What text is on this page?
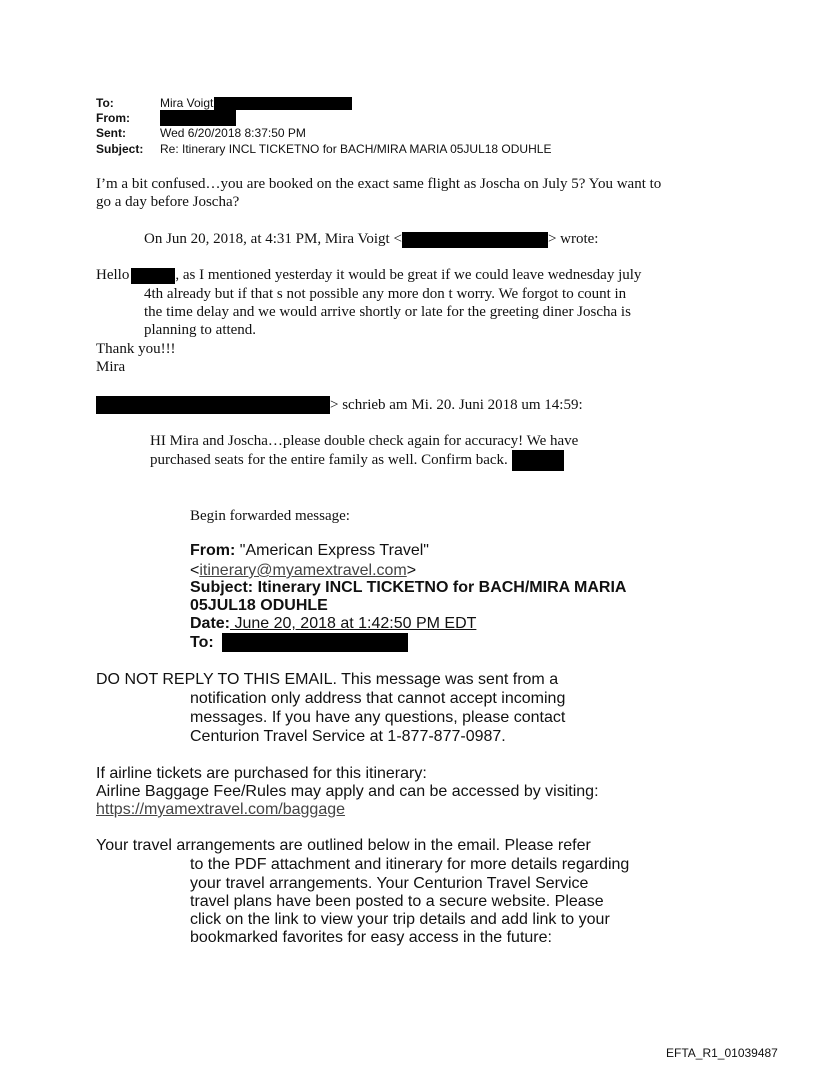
To:	Mira Voigt
From:
Sent:	Wed 6/20/2018 8:37:50 PM
Subject: Re: Itinerary INCL TICKETNO for BACH/MIRA MARIA 05JUL18 ODUHLE
I’m a bit confused…you are booked on the exact same flight as Joscha on July 5? You want to
go a day before Joscha?
On Jun 20, 2018, at 4:31 PM, Mira Voigt <	> wrote:
Hello	, as I mentioned yesterday it would be great if we could leave wednesday july
4th already but if that s not possible any more don t worry. We forgot to count in
the time delay and we would arrive shortly or late for the greeting diner Joscha is
planning to attend.
Thank you!!!
Mira
> schrieb am Mi. 20. Juni 2018 um 14:59:
HI Mira and Joscha…please double check again for accuracy! We have
purchased seats for the entire family as well. Confirm back.
Begin forwarded message:
From: "American Express Travel"
<itinerary@myamextravel.com>
Subject: Itinerary INCL TICKETNO for BACH/MIRA MARIA
05JUL18 ODUHLE
Date: June 20, 2018 at 1:42:50 PM EDT
To:
DO NOT REPLY TO THIS EMAIL. This message was sent from a
notification only address that cannot accept incoming
messages. If you have any questions, please contact
Centurion Travel Service at 1-877-877-0987.
If airline tickets are purchased for this itinerary:
Airline Baggage Fee/Rules may apply and can be accessed by visiting:
https://myamextravel.com/baggage
Your travel arrangements are outlined below in the email. Please refer
to the PDF attachment and itinerary for more details regarding
your travel arrangements. Your Centurion Travel Service
travel plans have been posted to a secure website. Please
click on the link to view your trip details and add link to your
bookmarked favorites for easy access in the future:
EFTA_R1_01039487
